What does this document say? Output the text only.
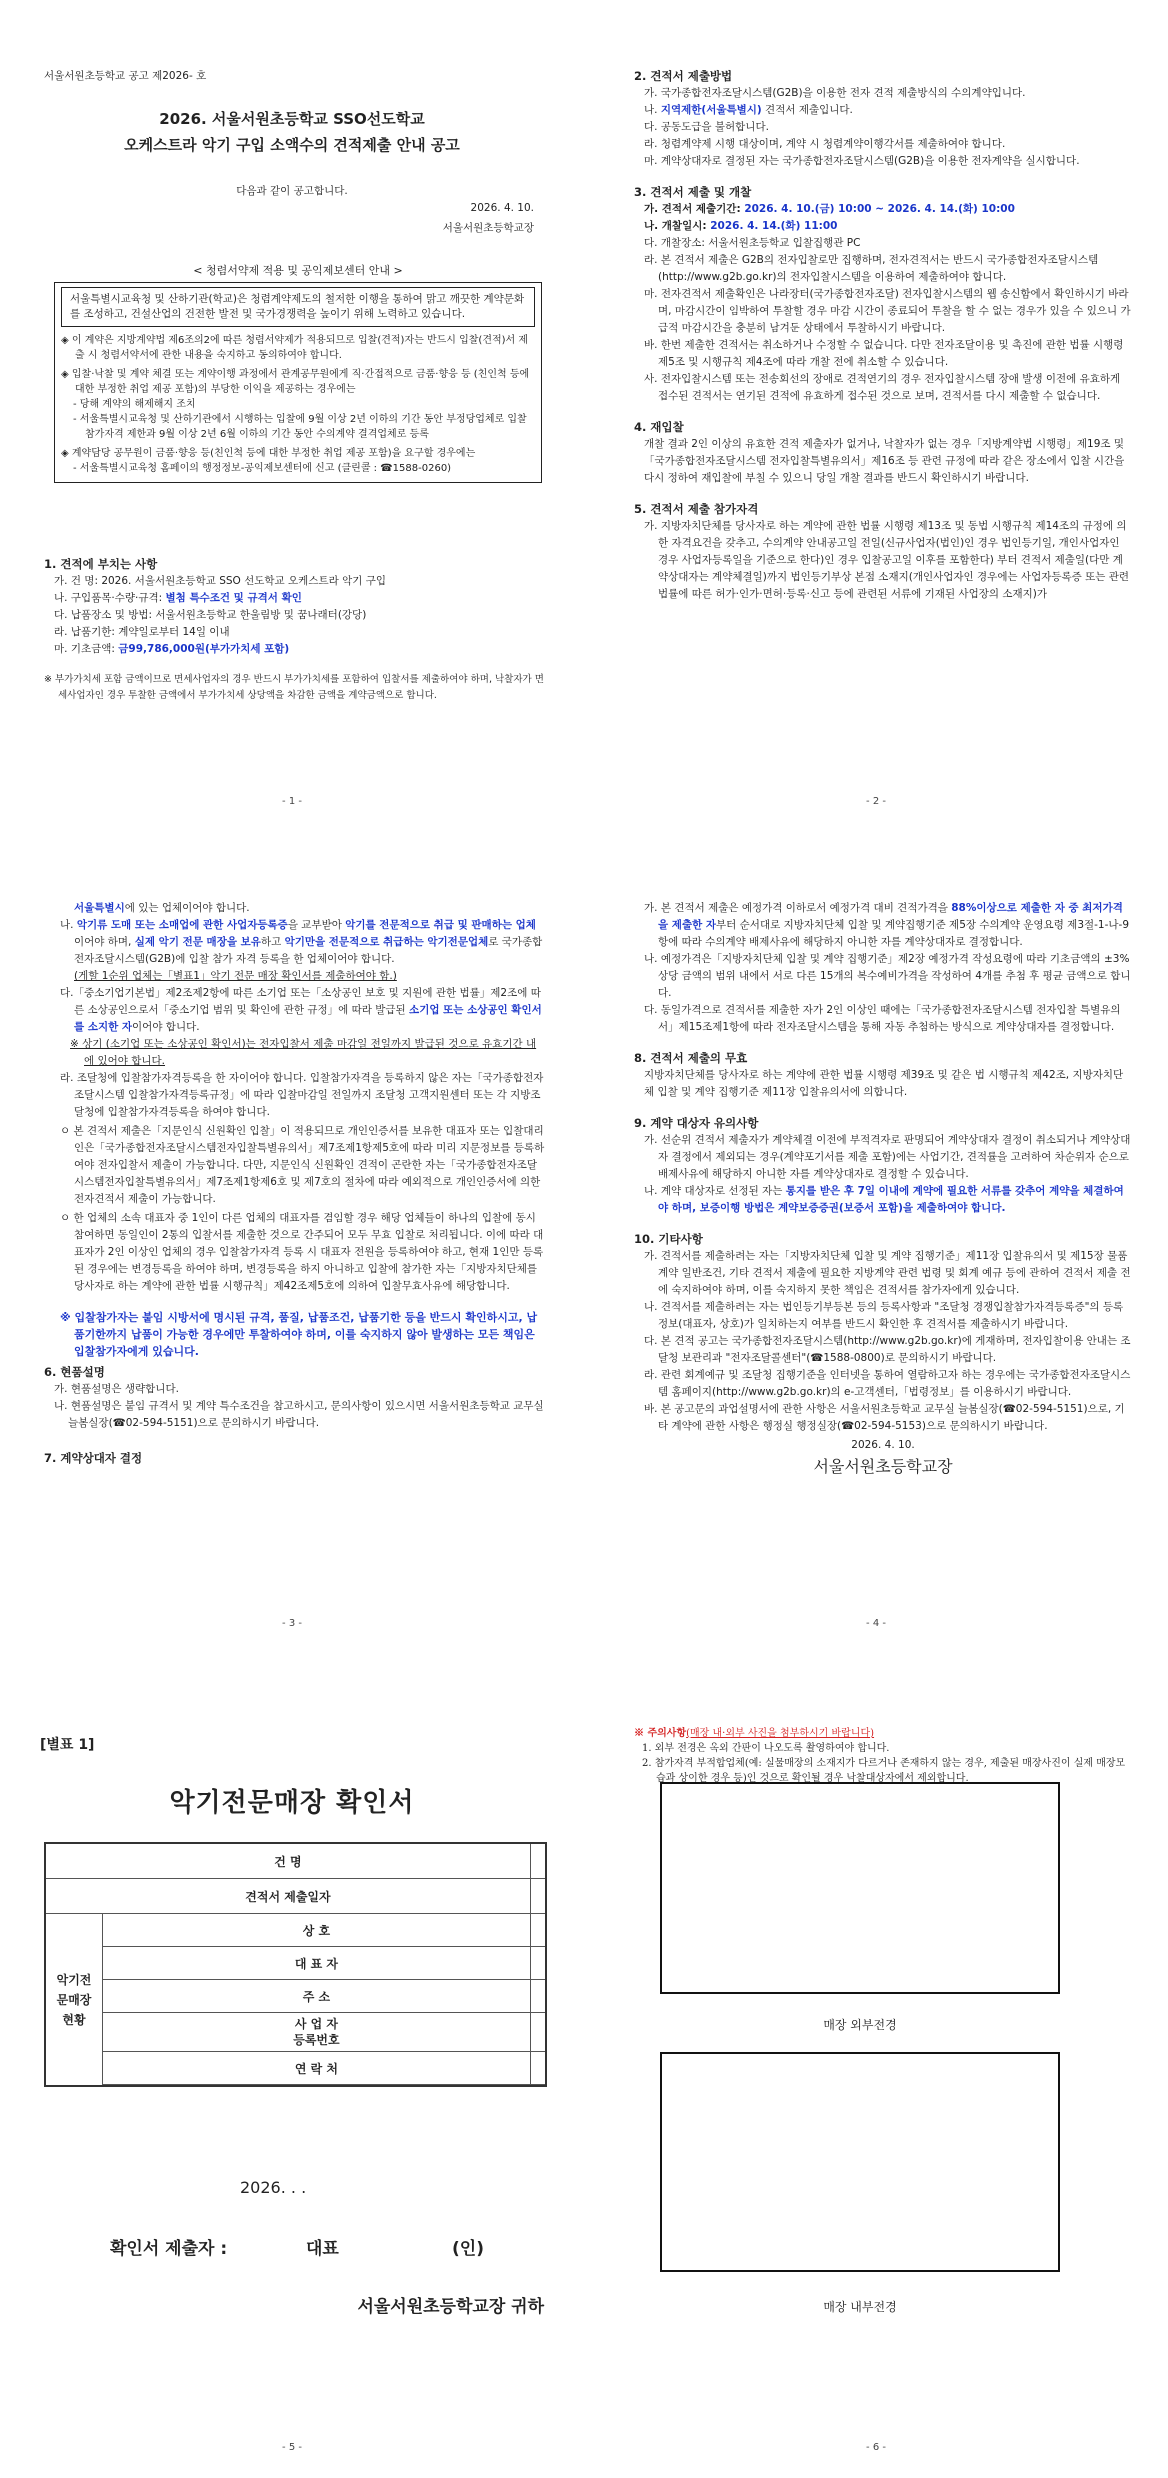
서울서원초등학교 공고 제2026- 호
2026. 서울서원초등학교 SSO선도학교
오케스트라 악기 구입 소액수의 견적제출 안내 공고
다음과 같이 공고합니다.
2026. 4. 10.
서울서원초등학교장
< 청렴서약제 적용 및 공익제보센터 안내 >
서울특별시교육청 및 산하기관(학교)은 청렴계약제도의 철저한 이행을 통하여 맑고 깨끗한 계약문화를 조성하고, 건설산업의 건전한 발전 및 국가경쟁력을 높이기 위해 노력하고 있습니다.
◈ 이 계약은 지방계약법 제6조의2에 따른 청렴서약제가 적용되므로 입찰(견적)자는 반드시 입찰(견적)서 제출 시 청렴서약서에 관한 내용을 숙지하고 동의하여야 합니다.
◈ 입찰·낙찰 및 계약 체결 또는 계약이행 과정에서 관계공무원에게 직·간접적으로 금품·향응 등 (친인척 등에 대한 부정한 취업 제공 포함)의 부당한 이익을 제공하는 경우에는
- 당해 계약의 해제해지 조치
- 서울특별시교육청 및 산하기관에서 시행하는 입찰에 9월 이상 2년 이하의 기간 동안 부정당업체로 입찰참가자격 제한과 9월 이상 2년 6월 이하의 기간 동안 수의계약 결격업체로 등록
◈ 계약담당 공무원이 금품·향응 등(친인척 등에 대한 부정한 취업 제공 포함)을 요구할 경우에는
- 서울특별시교육청 홈페이의 행정정보-공익제보센터에 신고 (클린콜 : ☎1588-0260)
1. 견적에 부치는 사항
가. 건 명: 2026. 서울서원초등학교 SSO 선도학교 오케스트라 악기 구입
나. 구입품목·수량·규격: 별첨 특수조건 및 규격서 확인
다. 납품장소 및 방법: 서울서원초등학교 한울림방 및 꿈나래터(강당)
라. 납품기한: 계약일로부터 14일 이내
마. 기초금액: 금99,786,000원(부가가치세 포함)
※ 부가가치세 포함 금액이므로 면세사업자의 경우 반드시 부가가치세를 포함하여 입찰서를 제출하여야 하며, 낙찰자가 면세사업자인 경우 투찰한 금액에서 부가가치세 상당액을 차감한 금액을 계약금액으로 합니다.
- 1 -
2. 견적서 제출방법
가. 국가종합전자조달시스템(G2B)을 이용한 전자 견적 제출방식의 수의계약입니다.
나. 지역제한(서울특별시) 견적서 제출입니다.
다. 공동도급을 불허합니다.
라. 청렴계약제 시행 대상이며, 계약 시 청렴계약이행각서를 제출하여야 합니다.
마. 계약상대자로 결정된 자는 국가종합전자조달시스템(G2B)을 이용한 전자계약을 실시합니다.
3. 견적서 제출 및 개찰
가. 견적서 제출기간: 2026. 4. 10.(금) 10:00 ~ 2026. 4. 14.(화) 10:00
나. 개찰일시: 2026. 4. 14.(화) 11:00
다. 개찰장소: 서울서원초등학교 입찰집행관 PC
라. 본 견적서 제출은 G2B의 전자입찰로만 집행하며, 전자견적서는 반드시 국가종합전자조달시스템(http://www.g2b.go.kr)의 전자입찰시스템을 이용하여 제출하여야 합니다.
마. 전자견적서 제출확인은 나라장터(국가종합전자조달) 전자입찰시스템의 웹 송신함에서 확인하시기 바라며, 마감시간이 임박하여 투찰할 경우 마감 시간이 종료되어 투찰을 할 수 없는 경우가 있을 수 있으니 가급적 마감시간을 충분히 남겨둔 상태에서 투찰하시기 바랍니다.
바. 한번 제출한 견적서는 취소하거나 수정할 수 없습니다. 다만 전자조달이용 및 촉진에 관한 법률 시행령 제5조 및 시행규칙 제4조에 따라 개찰 전에 취소할 수 있습니다.
사. 전자입찰시스템 또는 전송회선의 장애로 견적연기의 경우 전자입찰시스템 장애 발생 이전에 유효하게 접수된 견적서는 연기된 견적에 유효하게 접수된 것으로 보며, 견적서를 다시 제출할 수 없습니다.
4. 재입찰
개찰 결과 2인 이상의 유효한 견적 제출자가 없거나, 낙찰자가 없는 경우「지방계약법 시행령」제19조 및「국가종합전자조달시스템 전자입찰특별유의서」제16조 등 관련 규정에 따라 같은 장소에서 입찰 시간을 다시 정하여 재입찰에 부칠 수 있으니 당일 개찰 결과를 반드시 확인하시기 바랍니다.
5. 견적서 제출 참가자격
가. 지방자치단체를 당사자로 하는 계약에 관한 법률 시행령 제13조 및 동법 시행규칙 제14조의 규정에 의한 자격요건을 갖추고, 수의계약 안내공고일 전일(신규사업자(법인)인 경우 법인등기일, 개인사업자인 경우 사업자등록일을 기준으로 한다)인 경우 입찰공고일 이후를 포함한다) 부터 견적서 제출일(다만 계약상대자는 계약체결일)까지 법인등기부상 본점 소재지(개인사업자인 경우에는 사업자등록증 또는 관련 법률에 따른 허가·인가·면허·등록·신고 등에 관련된 서류에 기재된 사업장의 소재지)가
- 2 -
서울특별시에 있는 업체이어야 합니다.
나. 악기류 도매 또는 소매업에 관한 사업자등록증을 교부받아 악기를 전문적으로 취급 및 판매하는 업체이어야 하며, 실제 악기 전문 매장을 보유하고 악기만을 전문적으로 취급하는 악기전문업체로 국가종합전자조달시스템(G2B)에 입찰 참가 자격 등록을 한 업체이어야 합니다.
(게할 1순위 업체는「별표1」악기 전문 매장 확인서를 제출하여야 함.)
다.「중소기업기본법」제2조제2항에 따른 소기업 또는「소상공인 보호 및 지원에 관한 법률」제2조에 따른 소상공인으로서「중소기업 범위 및 확인에 관한 규정」에 따라 발급된 소기업 또는 소상공인 확인서를 소지한 자이어야 합니다.
※ 상기 (소기업 또는 소상공인 확인서)는 전자입찰서 제출 마감일 전일까지 발급된 것으로 유효기간 내에 있어야 합니다.
라. 조달청에 입찰참가자격등록을 한 자이어야 합니다. 입찰참가자격을 등록하지 않은 자는「국가종합전자조달시스템 입찰참가자격등록규정」에 따라 입찰마감일 전일까지 조달청 고객지원센터 또는 각 지방조달청에 입찰참가자격등록을 하여야 합니다.
ㅇ 본 견적서 제출은「지문인식 신원확인 입찰」이 적용되므로 개인인증서를 보유한 대표자 또는 입찰대리인은「국가종합전자조달시스템전자입찰특별유의서」제7조제1항제5호에 따라 미리 지문정보를 등록하여야 전자입찰서 제출이 가능합니다. 다만, 지문인식 신원확인 견적이 곤란한 자는「국가종합전자조달시스템전자입찰특별유의서」제7조제1항제6호 및 제7호의 절차에 따라 예외적으로 개인인증서에 의한 전자견적서 제출이 가능합니다.
ㅇ 한 업체의 소속 대표자 중 1인이 다른 업체의 대표자를 겸임할 경우 해당 업체들이 하나의 입찰에 동시 참여하면 동일인이 2통의 입찰서를 제출한 것으로 간주되어 모두 무효 입찰로 처리됩니다. 이에 따라 대표자가 2인 이상인 업체의 경우 입찰참가자격 등록 시 대표자 전원을 등록하여야 하고, 현재 1인만 등록된 경우에는 변경등록을 하여야 하며, 변경등록을 하지 아니하고 입찰에 참가한 자는「지방자치단체를 당사자로 하는 계약에 관한 법률 시행규칙」제42조제5호에 의하여 입찰무효사유에 해당합니다.
※ 입찰참가자는 붙임 시방서에 명시된 규격, 품질, 납품조건, 납품기한 등을 반드시 확인하시고, 납품기한까지 납품이 가능한 경우에만 투찰하여야 하며, 이를 숙지하지 않아 발생하는 모든 책임은 입찰참가자에게 있습니다.
6. 현품설명
가. 현품설명은 생략합니다.
나. 현품설명은 붙임 규격서 및 계약 특수조건을 참고하시고, 문의사항이 있으시면 서울서원초등학교 교무실 늘봄실장(☎02-594-5151)으로 문의하시기 바랍니다.
7. 계약상대자 결정
- 3 -
가. 본 견적서 제출은 예정가격 이하로서 예정가격 대비 견적가격을 88%이상으로 제출한 자 중 최저가격을 제출한 자부터 순서대로 지방자치단체 입찰 및 계약집행기준 제5장 수의계약 운영요령 제3절-1-나-9항에 따라 수의계약 배제사유에 해당하지 아니한 자를 계약상대자로 결정합니다.
나. 예정가격은「지방자치단체 입찰 및 계약 집행기준」제2장 예정가격 작성요령에 따라 기초금액의 ±3%상당 금액의 범위 내에서 서로 다른 15개의 복수예비가격을 작성하여 4개를 추첨 후 평균 금액으로 합니다.
다. 동일가격으로 견적서를 제출한 자가 2인 이상인 때에는「국가종합전자조달시스템 전자입찰 특별유의서」제15조제1항에 따라 전자조달시스템을 통해 자동 추첨하는 방식으로 계약상대자를 결정합니다.
8. 견적서 제출의 무효
지방자치단체를 당사자로 하는 계약에 관한 법률 시행령 제39조 및 같은 법 시행규칙 제42조, 지방자치단체 입찰 및 계약 집행기준 제11장 입찰유의서에 의합니다.
9. 계약 대상자 유의사항
가. 선순위 견적서 제출자가 계약체결 이전에 부적격자로 판명되어 계약상대자 결정이 취소되거나 계약상대자 결정에서 제외되는 경우(계약포기서를 제출 포함)에는 사업기간, 견적률을 고려하여 차순위자 순으로 배제사유에 해당하지 아니한 자를 계약상대자로 결정할 수 있습니다.
나. 계약 대상자로 선정된 자는 통지를 받은 후 7일 이내에 계약에 필요한 서류를 갖추어 계약을 체결하여야 하며, 보증이행 방법은 계약보증증권(보증서 포함)을 제출하여야 합니다.
10. 기타사항
가. 견적서를 제출하려는 자는「지방자치단체 입찰 및 계약 집행기준」제11장 입찰유의서 및 제15장 물품계약 일반조건, 기타 견적서 제출에 필요한 지방계약 관련 법령 및 회계 예규 등에 관하여 견적서 제출 전에 숙지하여야 하며, 이를 숙지하지 못한 책임은 견적서를 참가자에게 있습니다.
나. 견적서를 제출하려는 자는 법인등기부등본 등의 등록사항과 "조달청 경쟁입찰참가자격등록증"의 등록정보(대표자, 상호)가 일치하는지 여부를 반드시 확인한 후 견적서를 제출하시기 바랍니다.
다. 본 견적 공고는 국가종합전자조달시스템(http://www.g2b.go.kr)에 게재하며, 전자입찰이용 안내는 조달청 보관리과 "전자조달콜센터"(☎1588-0800)로 문의하시기 바랍니다.
라. 관련 회계예규 및 조달청 집행기준을 인터넷을 통하여 열람하고자 하는 경우에는 국가종합전자조달시스템 홈페이지(http://www.g2b.go.kr)의 e-고객센터,「법령정보」를 이용하시기 바랍니다.
바. 본 공고문의 과업설명서에 관한 사항은 서울서원초등학교 교무실 늘봄실장(☎02-594-5151)으로, 기타 계약에 관한 사항은 행정실 행정실장(☎02-594-5153)으로 문의하시기 바랍니다.
2026. 4. 10.
서울서원초등학교장
- 4 -
[별표 1]
악기전문매장 확인서
건 명		
견적서 제출일자		
악기전문매장현황	상 호	
	대 표 자	
	주 소	

	사 업 자
등록번호	

	연 락 처	

2026. . .
확인서 제출자 :	대표	(인)
서울서원초등학교장 귀하
- 5 -
※ 주의사항(매장 내·외부 사진을 첨부하시기 바랍니다)
1. 외부 전경은 옥외 간판이 나오도록 촬영하여야 합니다.
2. 참가자격 부적합업체(예: 실물매장의 소재지가 다르거나 존재하지 않는 경우, 제출된 매장사진이 실제 매장모습과 상이한 경우 등)인 것으로 확인될 경우 낙찰대상자에서 제외합니다.
매장 외부전경
매장 내부전경
- 6 -
